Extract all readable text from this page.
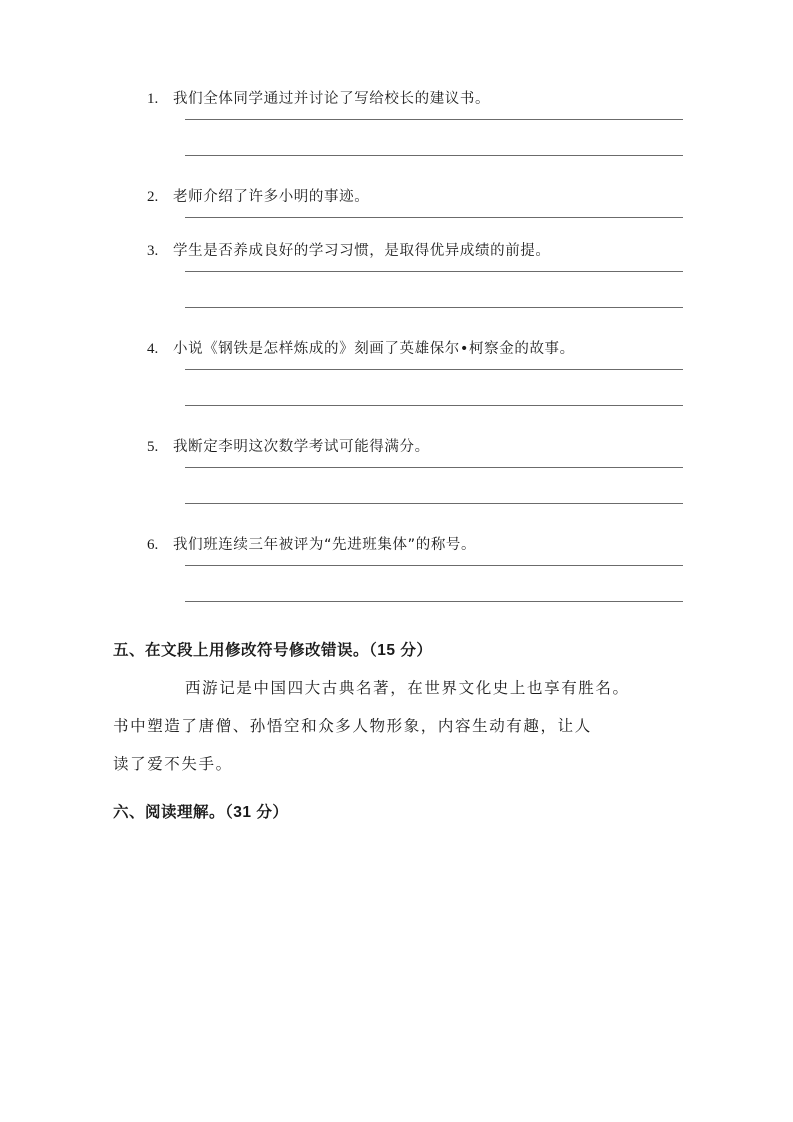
1.	我们全体同学通过并讨论了写给校长的建议书。
2.	老师介绍了许多小明的事迹。
3.	学生是否养成良好的学习习惯，是取得优异成绩的前提。
4.	小说《钢铁是怎样炼成的》刻画了英雄保尔•柯察金的故事。
5.	我断定李明这次数学考试可能得满分。
6.	我们班连续三年被评为“先进班集体”的称号。
五、在文段上用修改符号修改错误。（15 分）
西游记是中国四大古典名著，在世界文化史上也享有胜名。
书中塑造了唐僧、孙悟空和众多人物形象，内容生动有趣，让人
读了爱不失手。
六、阅读理解。（31 分）
